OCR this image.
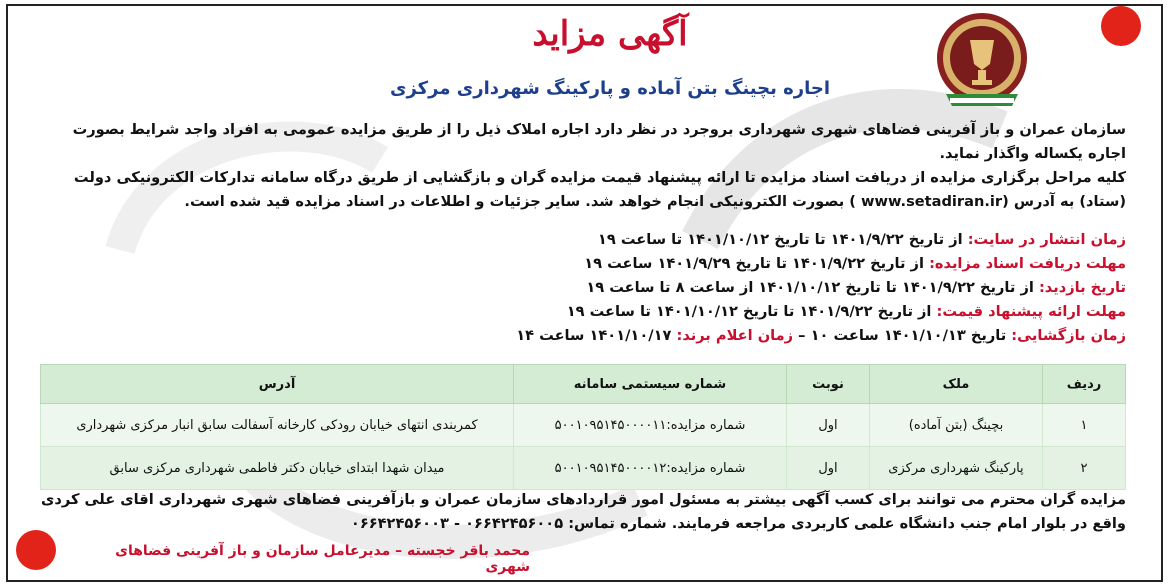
آگهی مزاید
اجاره بچینگ بتن آماده و پارکینگ شهرداری مرکزی

سازمان عمران و باز آفرینی فضاهای شهری شهرداری بروجرد در نظر دارد اجاره املاک ذیل را از طریق مزایده عمومی به افراد واجد شرایط بصورت اجاره یکساله واگذار نماید.

کلیه مراحل برگزاری مزایده از دریافت اسناد مزایده تا ارائه پیشنهاد قیمت مزایده گران و بازگشایی از طریق درگاه سامانه تدارکات الکترونیکی دولت (ستاد) به آدرس (www.setadiran.ir ) بصورت الکترونیکی انجام خواهد شد. سایر جزئیات و اطلاعات در اسناد مزایده قید شده است.

زمان انتشار در سایت: از تاریخ ۱۴۰۱/۹/۲۲ تا تاریخ ۱۴۰۱/۱۰/۱۲ تا ساعت ۱۹
مهلت دریافت اسناد مزایده: از تاریخ ۱۴۰۱/۹/۲۲ تا تاریخ ۱۴۰۱/۹/۲۹ ساعت ۱۹
تاریخ بازدید: از تاریخ ۱۴۰۱/۹/۲۲ تا تاریخ ۱۴۰۱/۱۰/۱۲ از ساعت ۸ تا ساعت ۱۹
مهلت ارائه پیشنهاد قیمت: از تاریخ ۱۴۰۱/۹/۲۲ تا تاریخ ۱۴۰۱/۱۰/۱۲ تا ساعت ۱۹
زمان بازگشایی: تاریخ ۱۴۰۱/۱۰/۱۳ ساعت ۱۰ – زمان اعلام برند: ۱۴۰۱/۱۰/۱۷ ساعت ۱۴
ردیف	ملک	نوبت	شماره سیستمی سامانه	آدرس
۱	بچینگ (بتن آماده)	اول	شماره مزایده:۵۰۰۱۰۹۵۱۴۵۰۰۰۰۱۱	کمربندی انتهای خیابان رودکی کارخانه آسفالت سابق انبار مرکزی شهرداری
۲	پارکینگ شهرداری مرکزی	اول	شماره مزایده:۵۰۰۱۰۹۵۱۴۵۰۰۰۰۱۲	میدان شهدا ابتدای خیابان دکتر فاطمی شهرداری مرکزی سابق
مزایده گران محترم می توانند برای کسب آگهی بیشتر به مسئول امور قراردادهای سازمان عمران و بازآفرینی فضاهای شهری شهرداری اقای علی کردی واقع در بلوار امام جنب دانشگاه علمی کاربردی مراجعه فرمایند. شماره تماس: ۰۶۶۴۲۴۵۶۰۰۵ - ۰۶۶۴۲۴۵۶۰۰۳
محمد باقر خجسته – مدیرعامل سازمان و باز آفرینی فضاهای شهری
